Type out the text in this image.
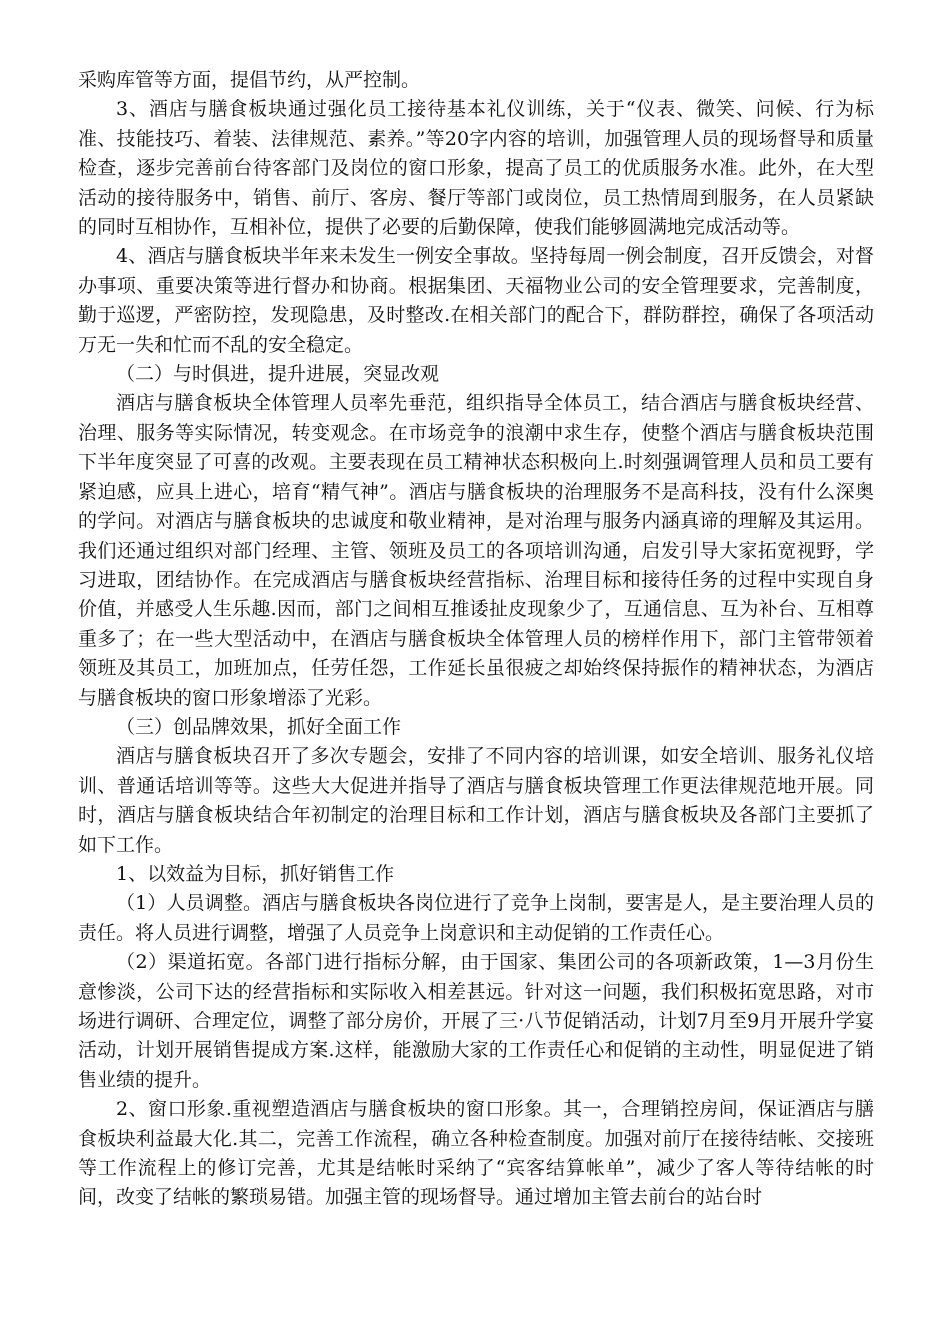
采购库管等方面，提倡节约，从严控制。

3、酒店与膳食板块通过强化员工接待基本礼仪训练，关于“仪表、微笑、问候、行为标准、技能技巧、着装、法律规范、素养。”等20字内容的培训，加强管理人员的现场督导和质量检查，逐步完善前台待客部门及岗位的窗口形象，提高了员工的优质服务水准。此外，在大型活动的接待服务中，销售、前厅、客房、餐厅等部门或岗位，员工热情周到服务，在人员紧缺的同时互相协作，互相补位，提供了必要的后勤保障，使我们能够圆满地完成活动等。

4、酒店与膳食板块半年来未发生一例安全事故。坚持每周一例会制度，召开反馈会，对督办事项、重要决策等进行督办和协商。根据集团、天福物业公司的安全管理要求，完善制度，勤于巡逻，严密防控，发现隐患，及时整改.在相关部门的配合下，群防群控，确保了各项活动万无一失和忙而不乱的安全稳定。

（二）与时俱进，提升进展，突显改观

酒店与膳食板块全体管理人员率先垂范，组织指导全体员工，结合酒店与膳食板块经营、治理、服务等实际情况，转变观念。在市场竞争的浪潮中求生存，使整个酒店与膳食板块范围下半年度突显了可喜的改观。主要表现在员工精神状态积极向上.时刻强调管理人员和员工要有紧迫感，应具上进心，培育“精气神”。酒店与膳食板块的治理服务不是高科技，没有什么深奥的学问。对酒店与膳食板块的忠诚度和敬业精神，是对治理与服务内涵真谛的理解及其运用。我们还通过组织对部门经理、主管、领班及员工的各项培训沟通，启发引导大家拓宽视野，学习进取，团结协作。在完成酒店与膳食板块经营指标、治理目标和接待任务的过程中实现自身价值，并感受人生乐趣.因而，部门之间相互推诿扯皮现象少了，互通信息、互为补台、互相尊重多了；在一些大型活动中，在酒店与膳食板块全体管理人员的榜样作用下，部门主管带领着领班及其员工，加班加点，任劳任怨，工作延长虽很疲之却始终保持振作的精神状态，为酒店与膳食板块的窗口形象增添了光彩。

（三）创品牌效果，抓好全面工作

酒店与膳食板块召开了多次专题会，安排了不同内容的培训课，如安全培训、服务礼仪培训、普通话培训等等。这些大大促进并指导了酒店与膳食板块管理工作更法律规范地开展。同时，酒店与膳食板块结合年初制定的治理目标和工作计划，酒店与膳食板块及各部门主要抓了如下工作。

1、以效益为目标，抓好销售工作

（1）人员调整。酒店与膳食板块各岗位进行了竞争上岗制，要害是人，是主要治理人员的责任。将人员进行调整，增强了人员竞争上岗意识和主动促销的工作责任心。

（2）渠道拓宽。各部门进行指标分解，由于国家、集团公司的各项新政策，1—3月份生意惨淡，公司下达的经营指标和实际收入相差甚远。针对这一问题，我们积极拓宽思路，对市场进行调研、合理定位，调整了部分房价，开展了三·八节促销活动，计划7月至9月开展升学宴活动，计划开展销售提成方案.这样，能激励大家的工作责任心和促销的主动性，明显促进了销售业绩的提升。

2、窗口形象.重视塑造酒店与膳食板块的窗口形象。其一，合理销控房间，保证酒店与膳食板块利益最大化.其二，完善工作流程，确立各种检查制度。加强对前厅在接待结帐、交接班等工作流程上的修订完善，尤其是结帐时采纳了“宾客结算帐单”，减少了客人等待结帐的时间，改变了结帐的繁琐易错。加强主管的现场督导。通过增加主管去前台的站台时
